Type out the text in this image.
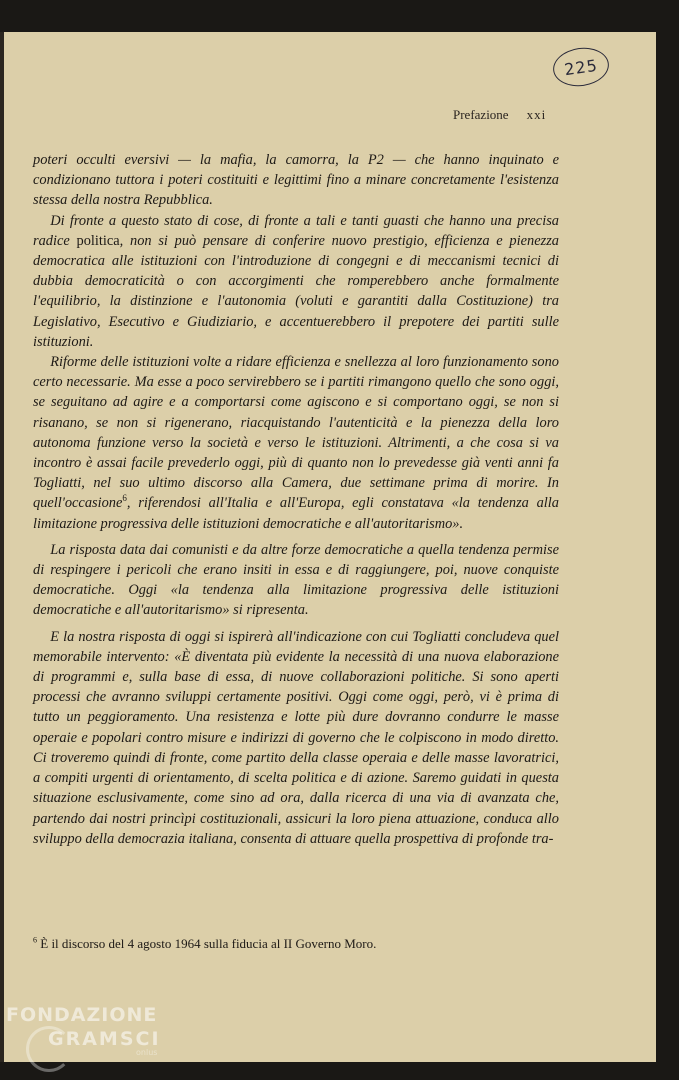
225
Prefazione xxi

poteri occulti eversivi — la mafia, la camorra, la P2 — che hanno inquinato e condizionano tuttora i poteri costituiti e legittimi fino a minare concretamente l'esistenza stessa della nostra Repubblica.

Di fronte a questo stato di cose, di fronte a tali e tanti guasti che hanno una precisa radice politica, non si può pensare di conferire nuovo prestigio, efficienza e pienezza democratica alle istituzioni con l'introduzione di congegni e di meccanismi tecnici di dubbia democraticità o con accorgimenti che romperebbero anche formalmente l'equilibrio, la distinzione e l'autonomia (voluti e garantiti dalla Costituzione) tra Legislativo, Esecutivo e Giudiziario, e accentuerebbero il prepotere dei partiti sulle istituzioni.

Riforme delle istituzioni volte a ridare efficienza e snellezza al loro funzionamento sono certo necessarie. Ma esse a poco servirebbero se i partiti rimangono quello che sono oggi, se seguitano ad agire e a comportarsi come agiscono e si comportano oggi, se non si risanano, se non si rigenerano, riacquistando l'autenticità e la pienezza della loro autonoma funzione verso la società e verso le istituzioni. Altrimenti, a che cosa si va incontro è assai facile prevederlo oggi, più di quanto non lo prevedesse già venti anni fa Togliatti, nel suo ultimo discorso alla Camera, due settimane prima di morire. In quell'occasione$^6$, riferendosi all'Italia e all'Europa, egli constatava «la tendenza alla limitazione progressiva delle istituzioni democratiche e all'autoritarismo».

La risposta data dai comunisti e da altre forze democratiche a quella tendenza permise di respingere i pericoli che erano insiti in essa e di raggiungere, poi, nuove conquiste democratiche. Oggi «la tendenza alla limitazione progressiva delle istituzioni democratiche e all'autoritarismo» si ripresenta.

E la nostra risposta di oggi si ispirerà all'indicazione con cui Togliatti concludeva quel memorabile intervento: «È diventata più evidente la necessità di una nuova elaborazione di programmi e, sulla base di essa, di nuove collaborazioni politiche. Si sono aperti processi che avranno sviluppi certamente positivi. Oggi come oggi, però, vi è prima di tutto un peggioramento. Una resistenza e lotte più dure dovranno condurre le masse operaie e popolari contro misure e indirizzi di governo che le colpiscono in modo diretto. Ci troveremo quindi di fronte, come partito della classe operaia e delle masse lavoratrici, a compiti urgenti di orientamento, di scelta politica e di azione. Saremo guidati in questa situazione esclusivamente, come sino ad ora, dalla ricerca di una via di avanzata che, partendo dai nostri princìpi costituzionali, assicuri la loro piena attuazione, conduca allo sviluppo della democrazia italiana, consenta di attuare quella prospettiva di profonde tra-

$^6$ È il discorso del 4 agosto 1964 sulla fiducia al II Governo Moro.
FONDAZIONE
GRAMSCI
onlus
